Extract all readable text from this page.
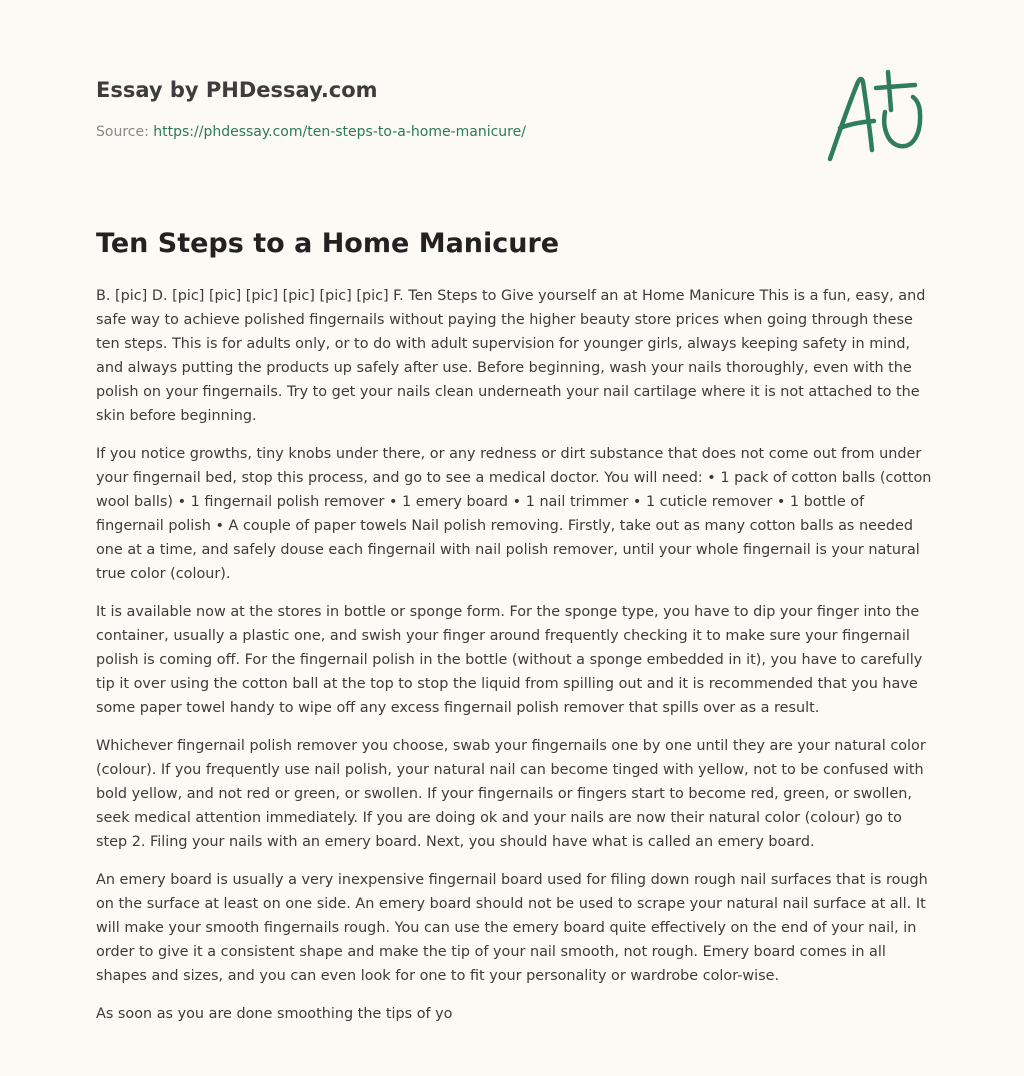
Essay by PHDessay.com
Source: https://phdessay.com/ten-steps-to-a-home-manicure/
Ten Steps to a Home Manicure

B. [pic] D. [pic] [pic] [pic] [pic] [pic] [pic] F. Ten Steps to Give yourself an at Home Manicure This is a fun, easy, and safe way to achieve polished fingernails without paying the higher beauty store prices when going through these ten steps. This is for adults only, or to do with adult supervision for younger girls, always keeping safety in mind, and always putting the products up safely after use. Before beginning, wash your nails thoroughly, even with the polish on your fingernails. Try to get your nails clean underneath your nail cartilage where it is not attached to the skin before beginning.

If you notice growths, tiny knobs under there, or any redness or dirt substance that does not come out from under your fingernail bed, stop this process, and go to see a medical doctor. You will need: • 1 pack of cotton balls (cotton wool balls) • 1 fingernail polish remover • 1 emery board • 1 nail trimmer • 1 cuticle remover • 1 bottle of fingernail polish • A couple of paper towels Nail polish removing. Firstly, take out as many cotton balls as needed one at a time, and safely douse each fingernail with nail polish remover, until your whole fingernail is your natural true color (colour).

It is available now at the stores in bottle or sponge form. For the sponge type, you have to dip your finger into the container, usually a plastic one, and swish your finger around frequently checking it to make sure your fingernail polish is coming off. For the fingernail polish in the bottle (without a sponge embedded in it), you have to carefully tip it over using the cotton ball at the top to stop the liquid from spilling out and it is recommended that you have some paper towel handy to wipe off any excess fingernail polish remover that spills over as a result.

Whichever fingernail polish remover you choose, swab your fingernails one by one until they are your natural color (colour). If you frequently use nail polish, your natural nail can become tinged with yellow, not to be confused with bold yellow, and not red or green, or swollen. If your fingernails or fingers start to become red, green, or swollen, seek medical attention immediately. If you are doing ok and your nails are now their natural color (colour) go to step 2. Filing your nails with an emery board. Next, you should have what is called an emery board.

An emery board is usually a very inexpensive fingernail board used for filing down rough nail surfaces that is rough on the surface at least on one side. An emery board should not be used to scrape your natural nail surface at all. It will make your smooth fingernails rough. You can use the emery board quite effectively on the end of your nail, in order to give it a consistent shape and make the tip of your nail smooth, not rough. Emery board comes in all shapes and sizes, and you can even look for one to fit your personality or wardrobe color-wise.

As soon as you are done smoothing the tips of yo
